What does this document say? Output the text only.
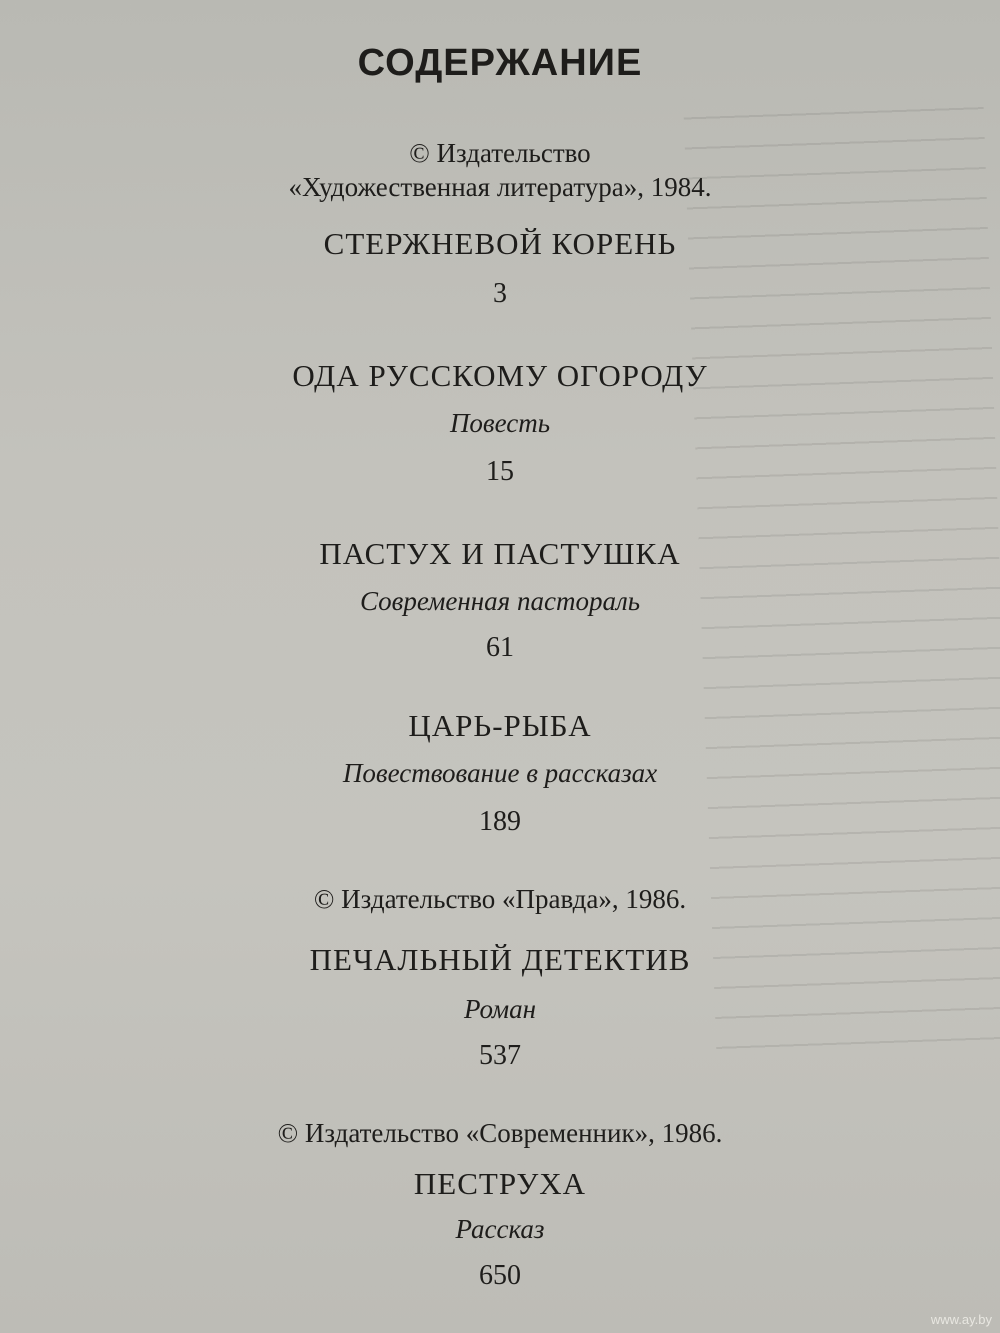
СОДЕРЖАНИЕ
© Издательство
«Художественная литература», 1984.
СТЕРЖНЕВОЙ КОРЕНЬ
3
ОДА РУССКОМУ ОГОРОДУ
Повесть
15
ПАСТУХ И ПАСТУШКА
Современная пастораль
61
ЦАРЬ-РЫБА
Повествование в рассказах
189
© Издательство «Правда», 1986.
ПЕЧАЛЬНЫЙ ДЕТЕКТИВ
Роман
537
© Издательство «Современник», 1986.
ПЕСТРУХА
Рассказ
650
www.ay.by
